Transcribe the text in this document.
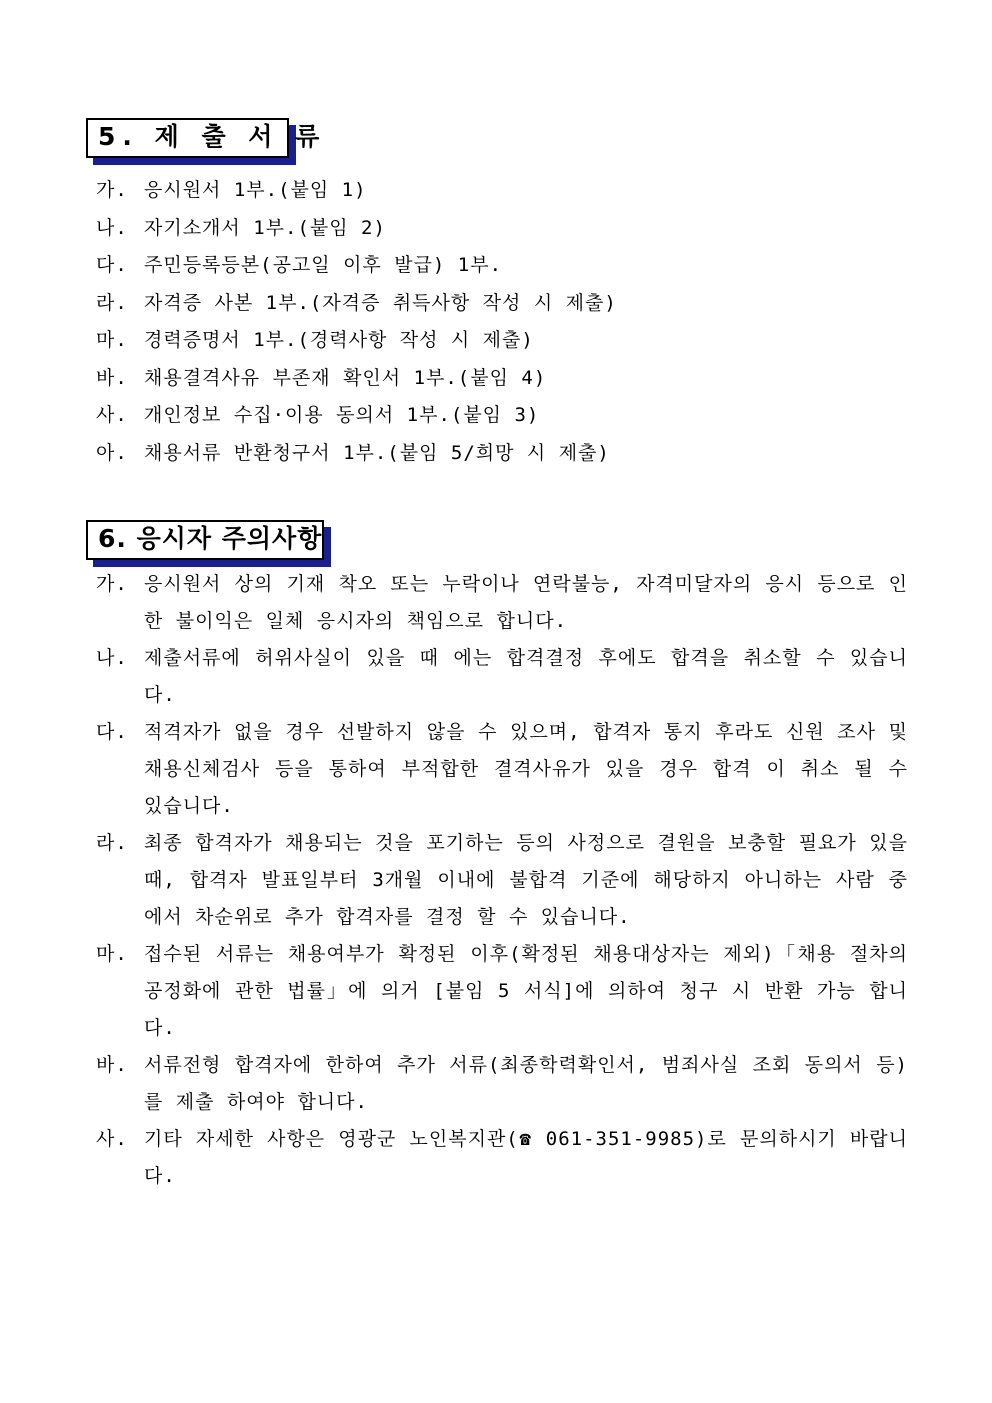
5. 제 출 서 류
가. 응시원서 1부.(붙임 1)
나. 자기소개서 1부.(붙임 2)
다. 주민등록등본(공고일 이후 발급) 1부.
라. 자격증 사본 1부.(자격증 취득사항 작성 시 제출)
마. 경력증명서 1부.(경력사항 작성 시 제출)
바. 채용결격사유 부존재 확인서 1부.(붙임 4)
사. 개인정보 수집·이용 동의서 1부.(붙임 3)
아. 채용서류 반환청구서 1부.(붙임 5/희망 시 제출)
6. 응시자 주의사항
가. 응시원서 상의 기재 착오 또는 누락이나 연락불능, 자격미달자의 응시 등으로 인한 불이익은 일체 응시자의 책임으로 합니다.
나. 제출서류에 허위사실이 있을 때 에는 합격결정 후에도 합격을 취소할 수 있습니다.
다. 적격자가 없을 경우 선발하지 않을 수 있으며, 합격자 통지 후라도 신원 조사 및 채용신체검사 등을 통하여 부적합한 결격사유가 있을 경우 합격 이 취소 될 수 있습니다.
라. 최종 합격자가 채용되는 것을 포기하는 등의 사정으로 결원을 보충할 필요가 있을 때, 합격자 발표일부터 3개월 이내에 불합격 기준에 해당하지 아니하는 사람 중에서 차순위로 추가 합격자를 결정 할 수 있습니다.
마. 접수된 서류는 채용여부가 확정된 이후(확정된 채용대상자는 제외)「채용 절차의 공정화에 관한 법률」에 의거 [붙임 5 서식]에 의하여 청구 시 반환 가능 합니다.
바. 서류전형 합격자에 한하여 추가 서류(최종학력확인서, 범죄사실 조회 동의서 등)를 제출 하여야 합니다.
사. 기타 자세한 사항은 영광군 노인복지관(☎ 061-351-9985)로 문의하시기 바랍니다.
